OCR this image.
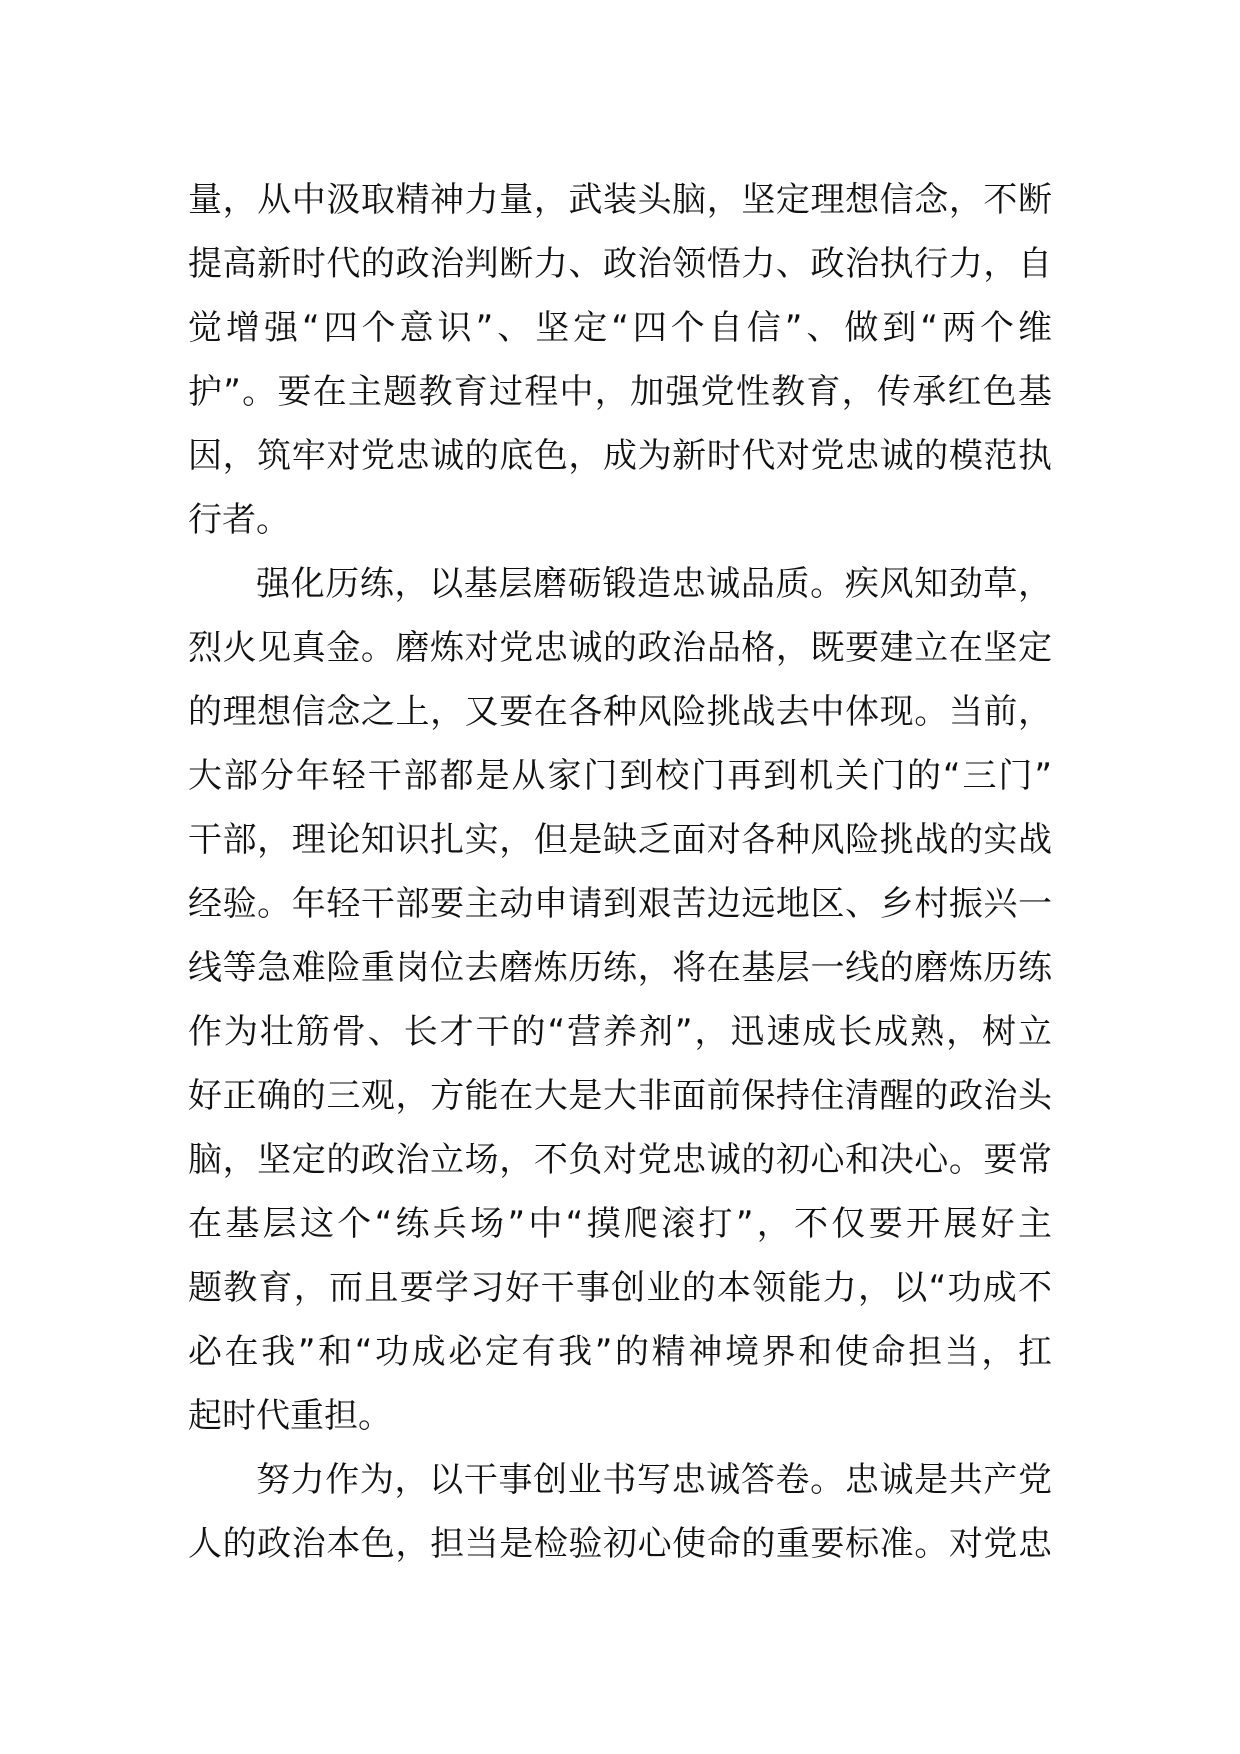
量，从中汲取精神力量，武装头脑，坚定理想信念，不断
提高新时代的政治判断力、政治领悟力、政治执行力，自
觉增强“四个意识”、坚定“四个自信”、做到“两个维
护”。要在主题教育过程中，加强党性教育，传承红色基
因，筑牢对党忠诚的底色，成为新时代对党忠诚的模范执
行者。
强化历练，以基层磨砺锻造忠诚品质。疾风知劲草，
烈火见真金。磨炼对党忠诚的政治品格，既要建立在坚定
的理想信念之上，又要在各种风险挑战去中体现。当前，
大部分年轻干部都是从家门到校门再到机关门的“三门”
干部，理论知识扎实，但是缺乏面对各种风险挑战的实战
经验。年轻干部要主动申请到艰苦边远地区、乡村振兴一
线等急难险重岗位去磨炼历练，将在基层一线的磨炼历练
作为壮筋骨、长才干的“营养剂”，迅速成长成熟，树立
好正确的三观，方能在大是大非面前保持住清醒的政治头
脑，坚定的政治立场，不负对党忠诚的初心和决心。要常
在基层这个“练兵场”中“摸爬滚打”，不仅要开展好主
题教育，而且要学习好干事创业的本领能力，以“功成不
必在我”和“功成必定有我”的精神境界和使命担当，扛
起时代重担。
努力作为，以干事创业书写忠诚答卷。忠诚是共产党
人的政治本色，担当是检验初心使命的重要标准。对党忠
